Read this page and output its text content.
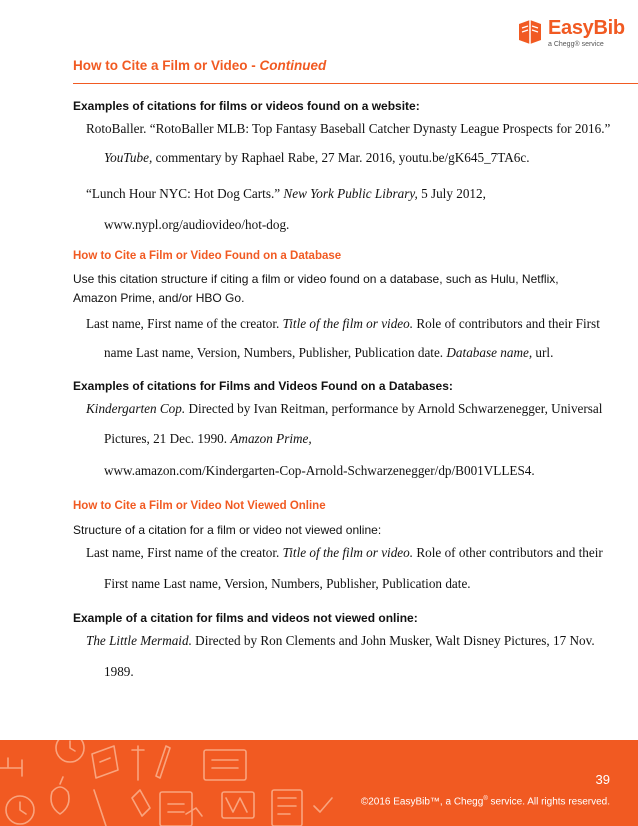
EasyBib
a Chegg® service
How to Cite a Film or Video - Continued
Examples of citations for films or videos found on a website:
RotoBaller. “RotoBaller MLB: Top Fantasy Baseball Catcher Dynasty League Prospects for 2016.”
YouTube, commentary by Raphael Rabe, 27 Mar. 2016, youtu.be/gK645_7TA6c.
“Lunch Hour NYC: Hot Dog Carts.” New York Public Library, 5 July 2012,
www.nypl.org/audiovideo/hot-dog.
How to Cite a Film or Video Found on a Database
Use this citation structure if citing a film or video found on a database, such as Hulu, Netflix,
Amazon Prime, and/or HBO Go.
Last name, First name of the creator. Title of the film or video. Role of contributors and their First
name Last name, Version, Numbers, Publisher, Publication date. Database name, url.
Examples of citations for Films and Videos Found on a Databases:
Kindergarten Cop. Directed by Ivan Reitman, performance by Arnold Schwarzenegger, Universal
Pictures, 21 Dec. 1990. Amazon Prime,
www.amazon.com/Kindergarten-Cop-Arnold-Schwarzenegger/dp/B001VLLES4.
How to Cite a Film or Video Not Viewed Online
Structure of a citation for a film or video not viewed online:
Last name, First name of the creator. Title of the film or video. Role of other contributors and their
First name Last name, Version, Numbers, Publisher, Publication date.
Example of a citation for films and videos not viewed online:
The Little Mermaid. Directed by Ron Clements and John Musker, Walt Disney Pictures, 17 Nov.
1989.
39
©2016 EasyBib™, a Chegg® service. All rights reserved.
